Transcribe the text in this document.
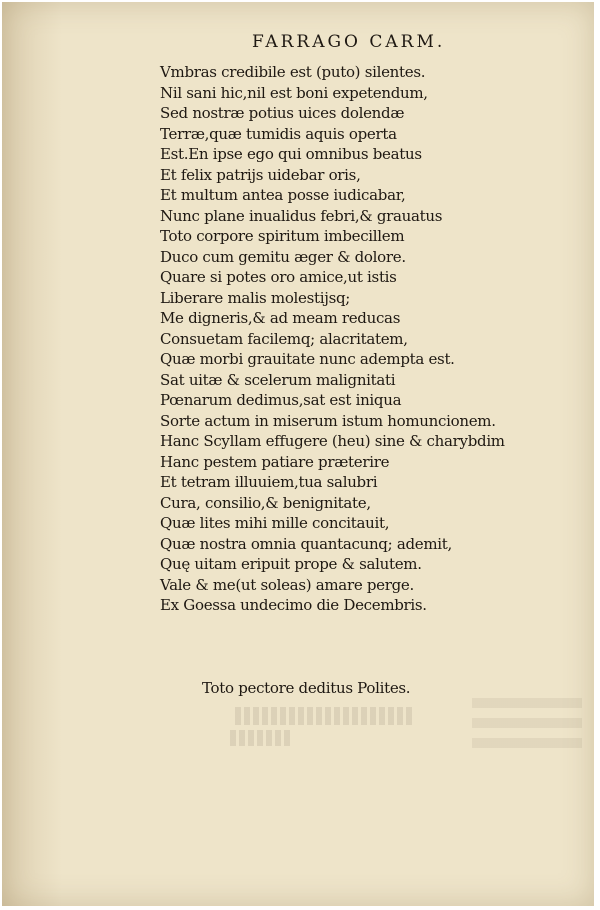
FARRAGO CARM.
Vmbras credibile est (puto) silentes.
Nil sani hic,nil est boni expetendum,
Sed nostræ potius uices dolendæ
Terræ,quæ tumidis aquis operta
Est.En ipse ego qui omnibus beatus
Et felix patrijs uidebar oris,
Et multum antea posse iudicabar,
Nunc plane inualidus febri,& grauatus
Toto corpore spiritum imbecillem
Duco cum gemitu æger & dolore.
Quare si potes oro amice,ut istis
Liberare malis molestijsq;
Me digneris,& ad meam reducas
Consuetam facilemq; alacritatem,
Quæ morbi grauitate nunc adempta est.
Sat uitæ & scelerum malignitati
Pœnarum dedimus,sat est iniqua
Sorte actum in miserum istum homuncionem.
Hanc Scyllam effugere (heu) sine & charybdim
Hanc pestem patiare præterire
Et tetram illuuiem,tua salubri
Cura, consilio,& benignitate,
Quæ lites mihi mille concitauit,
Quæ nostra omnia quantacunq; ademit,
Quę uitam eripuit prope & salutem.
Vale & me(ut soleas) amare perge.
Ex Goessa undecimo die Decembris.
Toto pectore deditus Polites.
